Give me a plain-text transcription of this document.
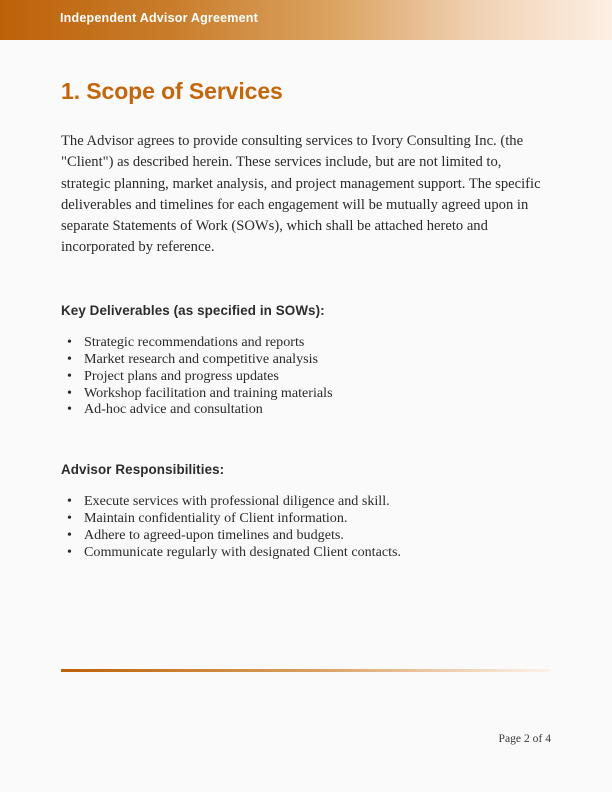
Independent Advisor Agreement
1. Scope of Services

The Advisor agrees to provide consulting services to Ivory Consulting Inc. (the "Client") as described herein. These services include, but are not limited to, strategic planning, market analysis, and project management support. The specific deliverables and timelines for each engagement will be mutually agreed upon in separate Statements of Work (SOWs), which shall be attached hereto and incorporated by reference.

Key Deliverables (as specified in SOWs):
• Strategic recommendations and reports
• Market research and competitive analysis
• Project plans and progress updates
• Workshop facilitation and training materials
• Ad-hoc advice and consultation
Advisor Responsibilities:
• Execute services with professional diligence and skill.
• Maintain confidentiality of Client information.
• Adhere to agreed-upon timelines and budgets.
• Communicate regularly with designated Client contacts.
Page 2 of 4
